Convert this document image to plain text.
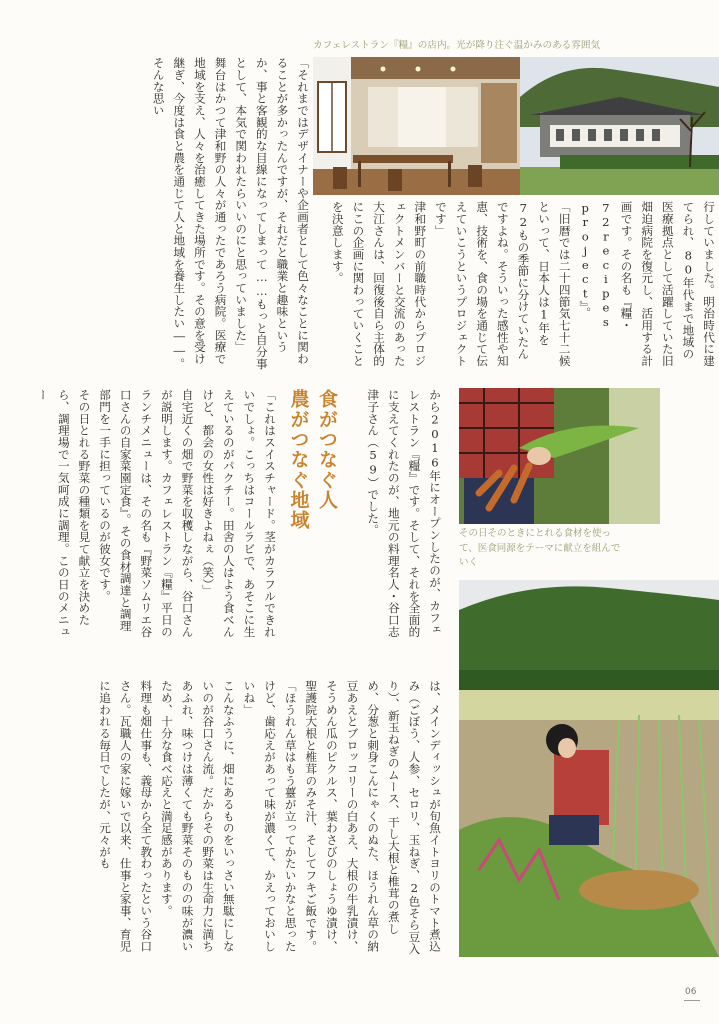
カフェレストラン『糧』の店内。光が降り注ぐ温かみのある雰囲気
その日そのときにとれる食材を使って、医食同源をテーマに献立を組んでいく
食がつなぐ人
農がつなぐ地域

行していました。明治時代に建てられ、80年代まで地域の医療拠点として活躍していた旧畑迫病院を復元し、活用する計画です。その名も『糧・72recipes project』。

「旧暦では二十四節気七十二候といって、日本人は1年を72もの季節に分けていたんですよね。そういった感性や知恵、技術を、食の場を通じて伝えていこうというプロジェクトです」

津和野町の前職時代からプロジェクトメンバーと交流のあった大江さんは、回復後自ら主体的にこの企画に関わっていくことを決意します。

「それまではデザイナーや企画者として色々なことに関わることが多かったんですが、それだと職業と趣味というか、事と客観的な目線になってしまって……もっと自分事として、本気で関われたらいいのにと思っていました」

舞台はかつて津和野の人々が通ったであろう病院。医療で地域を支え、人々を治癒してきた場所です。その意を受け継ぎ、今度は食と農を通じて人と地域を養生したい――。そんな思い

から2016年にオープンしたのが、カフェレストラン『糧』です。そして、それを全面的に支えてくれたのが、地元の料理名人・谷口志津子さん（59）でした。

「これはスイスチャード。茎がカラフルできれいでしょ。こっちはコールラビで、あそこに生えているのがパクチー。田舎の人はよう食べんけど、都会の女性は好きよねぇ（笑）」

自宅近くの畑で野菜を収穫しながら、谷口さんが説明します。カフェレストラン『糧』平日のランチメニューは、その名も『野菜ソムリエ谷口さんの自家菜園定食』。その食材調達と調理部門を一手に担っているのが彼女です。

その日とれる野菜の種類を見て献立を決めたら、調理場で一気呵成に調理。この日のメニュー

は、メインディッシュが旬魚イトヨリのトマト煮込み（ごぼう、人参、セロリ、玉ねぎ、2色そら豆入り）、新玉ねぎのムース、干し大根と椎茸の煮しめ、分葱と刺身こんにゃくのぬた、ほうれん草の納豆あえとブロッコリーの白あえ、大根の牛乳漬け、そうめん瓜のピクルス、葉わさびのしょうゆ漬け、聖護院大根と椎茸のみそ汁、そしてフキご飯です。

「ほうれん草はもう薹が立ってかたいかなと思ったけど、歯応えがあって味が濃くて、かえっておいしいね」

こんなふうに、畑にあるものをいっさい無駄にしないのが谷口さん流。だからその野菜は生命力に満ちあふれ、味つけは薄くても野菜そのものの味が濃いため、十分な食べ応えと満足感があります。

料理も畑仕事も、義母から全て教わったという谷口さん。瓦職人の家に嫁いで以来、仕事と家事、育児に追われる毎日でしたが、元々がも

06
